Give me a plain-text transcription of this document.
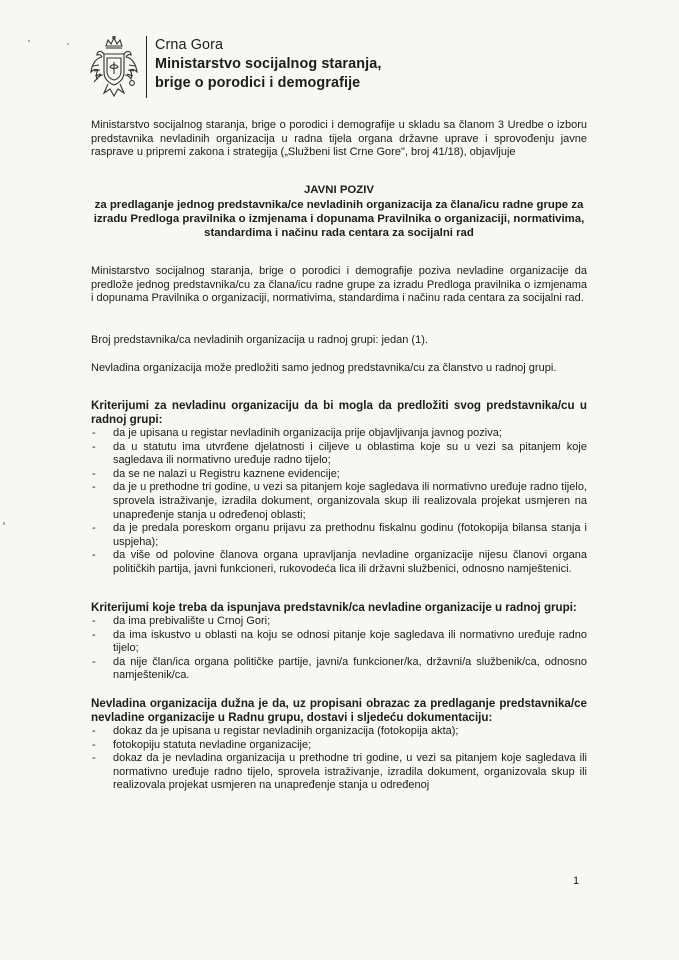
Crna Gora
Ministarstvo socijalnog staranja,
brige o porodici i demografije
Ministarstvo socijalnog staranja, brige o porodici i demografije u skladu sa članom 3 Uredbe o izboru predstavnika nevladinih organizacija u radna tijela organa državne uprave i sprovođenju javne rasprave u pripremi zakona i strategija („Službeni list Crne Gore", broj 41/18), objavljuje
JAVNI POZIV
za predlaganje jednog predstavnika/ce nevladinih organizacija za člana/icu radne grupe za izradu Predloga pravilnika o izmjenama i dopunama Pravilnika o organizaciji, normativima, standardima i načinu rada centara za socijalni rad
Ministarstvo socijalnog staranja, brige o porodici i demografije poziva nevladine organizacije da predlože jednog predstavnika/cu za člana/icu radne grupe za izradu Predloga pravilnika o izmjenama i dopunama Pravilnika o organizaciji, normativima, standardima i načinu rada centara za socijalni rad.
Broj predstavnika/ca nevladinih organizacija u radnoj grupi: jedan (1).
Nevladina organizacija može predložiti samo jednog predstavnika/cu za članstvo u radnoj grupi.
Kriterijumi za nevladinu organizaciju da bi mogla da predložiti svog predstavnika/cu u radnoj grupi:
- da je upisana u registar nevladinih organizacija prije objavljivanja javnog poziva;
- da u statutu ima utvrđene djelatnosti i ciljeve u oblastima koje su u vezi sa pitanjem koje sagledava ili normativno uređuje radno tijelo;
- da se ne nalazi u Registru kaznene evidencije;
- da je u prethodne tri godine, u vezi sa pitanjem koje sagledava ili normativno uređuje radno tijelo, sprovela istraživanje, izradila dokument, organizovala skup ili realizovala projekat usmjeren na unapređenje stanja u određenoj oblasti;
- da je predala poreskom organu prijavu za prethodnu fiskalnu godinu (fotokopija bilansa stanja i uspjeha);
- da više od polovine članova organa upravljanja nevladine organizacije nijesu članovi organa političkih partija, javni funkcioneri, rukovodeća lica ili državni službenici, odnosno namještenici.
Kriterijumi koje treba da ispunjava predstavnik/ca nevladine organizacije u radnoj grupi:
- da ima prebivalište u Crnoj Gori;
- da ima iskustvo u oblasti na koju se odnosi pitanje koje sagledava ili normativno uređuje radno tijelo;
- da nije član/ica organa političke partije, javni/a funkcioner/ka, državni/a službenik/ca, odnosno namještenik/ca.
Nevladina organizacija dužna je da, uz propisani obrazac za predlaganje predstavnika/ce nevladine organizacije u Radnu grupu, dostavi i sljedeću dokumentaciju:
- dokaz da je upisana u registar nevladinih organizacija (fotokopija akta);
- fotokopiju statuta nevladine organizacije;
- dokaz da je nevladina organizacija u prethodne tri godine, u vezi sa pitanjem koje sagledava ili normativno uređuje radno tijelo, sprovela istraživanje, izradila dokument, organizovala skup ili realizovala projekat usmjeren na unapređenje stanja u određenoj
1
